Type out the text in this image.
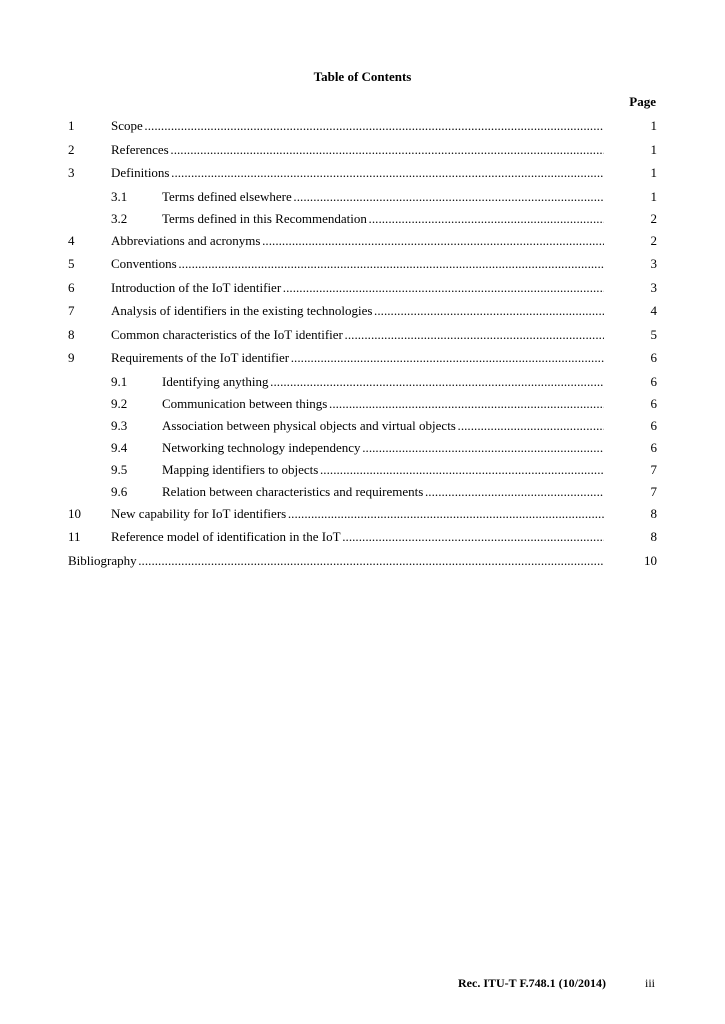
Table of Contents
Page
1	Scope . . .	1
2	References . . .	1
3	Definitions . . .	1
3.1	Terms defined elsewhere . . .	1
3.2	Terms defined in this Recommendation . . .	2
4	Abbreviations and acronyms . . .	2
5	Conventions . . .	3
6	Introduction of the IoT identifier . . .	3
7	Analysis of identifiers in the existing technologies . . .	4
8	Common characteristics of the IoT identifier . . .	5
9	Requirements of the IoT identifier . . .	6
9.1	Identifying anything . . .	6
9.2	Communication between things . . .	6
9.3	Association between physical objects and virtual objects . . .	6
9.4	Networking technology independency . . .	6
9.5	Mapping identifiers to objects . . .	7
9.6	Relation between characteristics and requirements . . .	7
10 New capability for IoT identifiers . . .	8
11 Reference model of identification in the IoT . . .	8
Bibliography . . .	10
Rec. ITU-T F.748.1 (10/2014)	iii
